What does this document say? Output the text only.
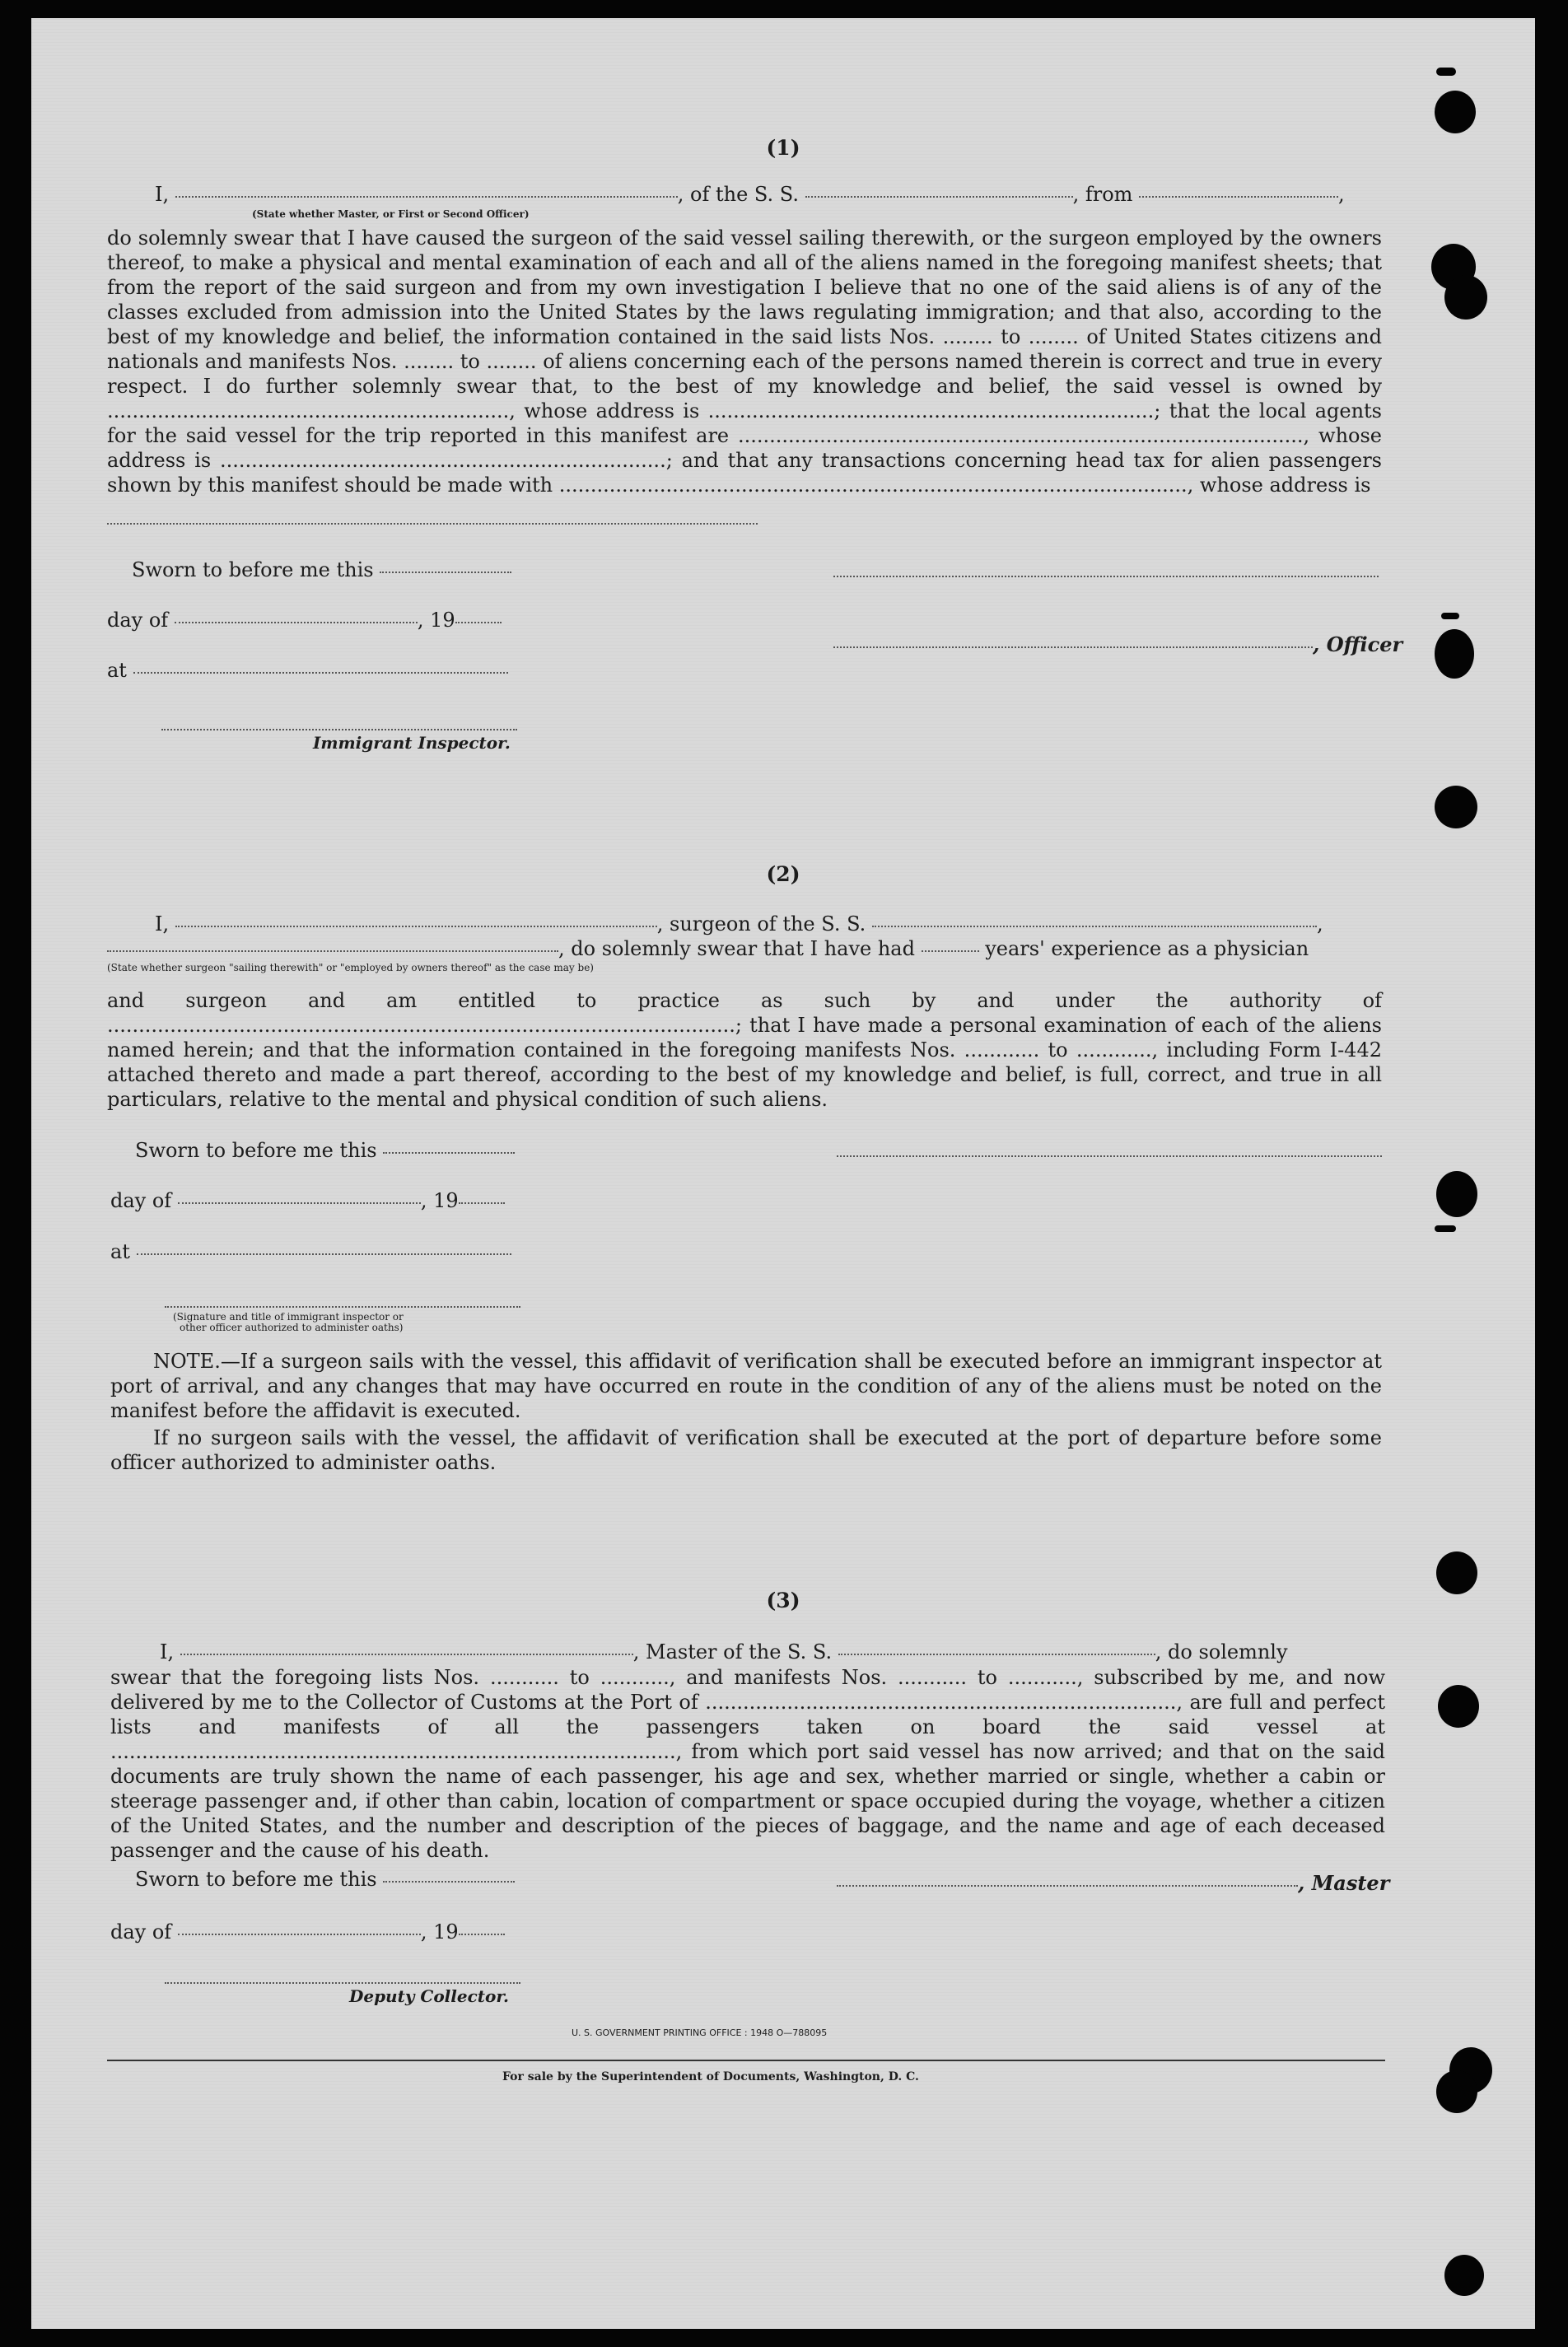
(1)
I,	, of the S. S.	, from	,
(State whether Master, or First or Second Officer)
do solemnly swear that I have caused the surgeon of the said vessel sailing therewith, or the surgeon employed by the owners thereof, to make a physical and mental examination of each and all of the aliens named in the foregoing manifest sheets; that from the report of the said surgeon and from my own investigation I believe that no one of the said aliens is of any of the classes excluded from admission into the United States by the laws regulating immigration; and that also, according to the best of my knowledge and belief, the information contained in the said lists Nos. ........ to ........ of United States citizens and nationals and manifests Nos. ........ to ........ of aliens concerning each of the persons named therein is correct and true in every respect. I do further solemnly swear that, to the best of my knowledge and belief, the said vessel is owned by ................................................................, whose address is .......................................................................; that the local agents for the said vessel for the trip reported in this manifest are .........................................................................................., whose address is .......................................................................; and that any transactions concerning head tax for alien passengers shown by this manifest should be made with ...................................................................................................., whose address is
Sworn to before me this
day of	, 19
, Officer
at
Immigrant Inspector.
(2)
I,	, surgeon of the S. S.	,
, do solemnly swear that I have had	years' experience as a physician
(State whether surgeon "sailing therewith" or "employed by owners thereof" as the case may be)
and surgeon and am entitled to practice as such by and under the authority of ....................................................................................................; that I have made a personal examination of each of the aliens named herein; and that the information contained in the foregoing manifests Nos. ............ to ............, including Form I-442 attached thereto and made a part thereof, according to the best of my knowledge and belief, is full, correct, and true in all particulars, relative to the mental and physical condition of such aliens.
Sworn to before me this
day of	, 19
at
(Signature and title of immigrant inspector or
other officer authorized to administer oaths)
NOTE.—If a surgeon sails with the vessel, this affidavit of verification shall be executed before an immigrant inspector at port of arrival, and any changes that may have occurred en route in the condition of any of the aliens must be noted on the manifest before the affidavit is executed.
If no surgeon sails with the vessel, the affidavit of verification shall be executed at the port of departure before some officer authorized to administer oaths.
(3)
I,	, Master of the S. S.	, do solemnly
swear that the foregoing lists Nos. ........... to ..........., and manifests Nos. ........... to ..........., subscribed by me, and now delivered by me to the Collector of Customs at the Port of ..........................................................................., are full and perfect lists and manifests of all the passengers taken on board the said vessel at .........................................................................................., from which port said vessel has now arrived; and that on the said documents are truly shown the name of each passenger, his age and sex, whether married or single, whether a cabin or steerage passenger and, if other than cabin, location of compartment or space occupied during the voyage, whether a citizen of the United States, and the number and description of the pieces of baggage, and the name and age of each deceased passenger and the cause of his death.
Sworn to before me this	, Master
day of	, 19
Deputy Collector.
U. S. GOVERNMENT PRINTING OFFICE : 1948 O—788095
For sale by the Superintendent of Documents, Washington, D. C.
